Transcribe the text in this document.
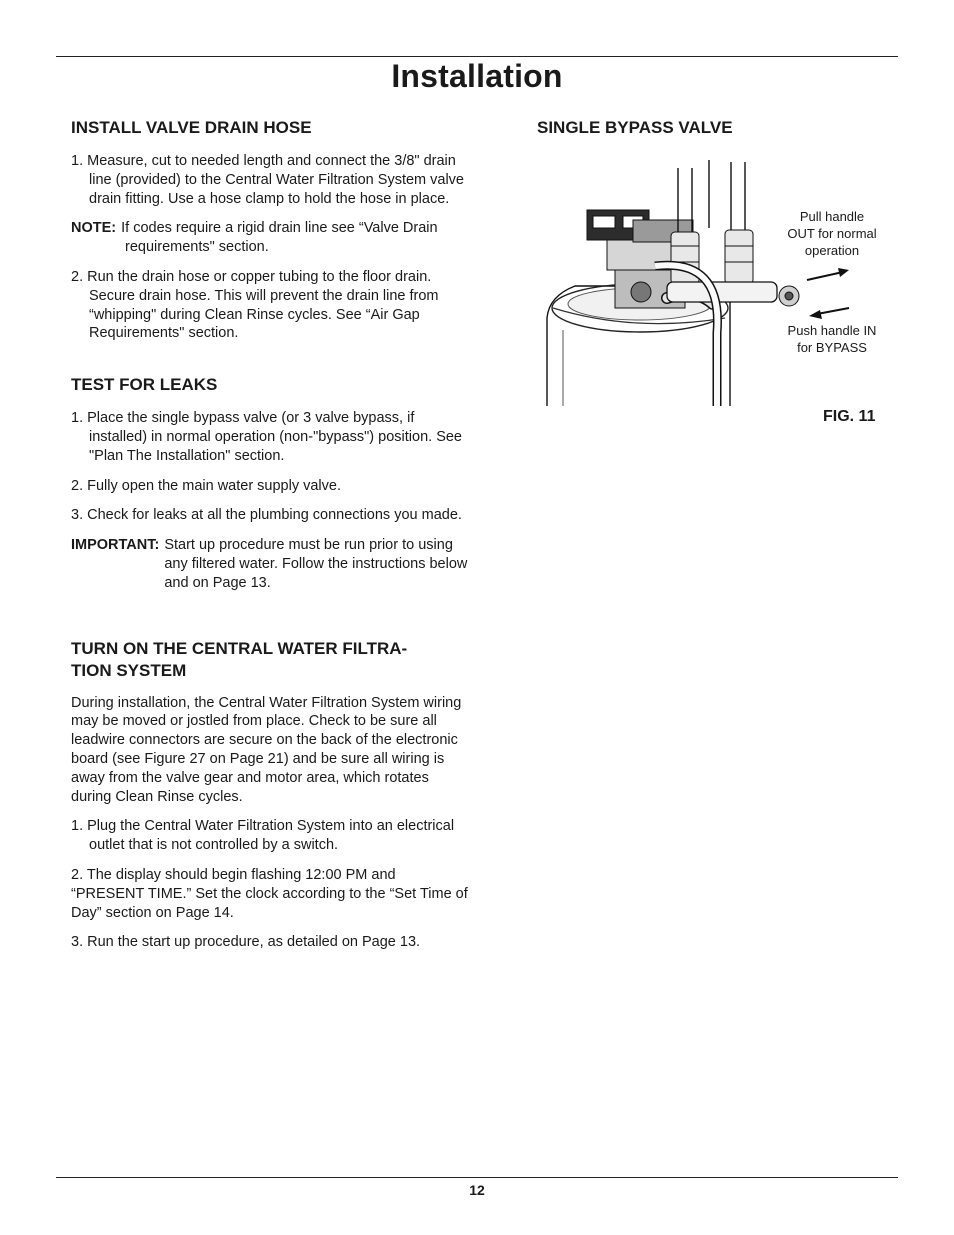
Installation
INSTALL VALVE DRAIN HOSE

1. Measure, cut to needed length and connect the 3/8" drain line (provided) to the Central Water Filtration System valve drain fitting. Use a hose clamp to hold the hose in place.

NOTE: If codes require a rigid drain line see “Valve Drain requirements" section.

2. Run the drain hose or copper tubing to the floor drain. Secure drain hose. This will prevent the drain line from “whipping" during Clean Rinse cycles. See “Air Gap Requirements" section.

TEST FOR LEAKS

1. Place the single bypass valve (or 3 valve bypass, if installed) in normal operation (non-"bypass") position. See "Plan The Installation" section.

2. Fully open the main water supply valve.

3. Check for leaks at all the plumbing connections you made.

IMPORTANT: Start up procedure must be run prior to using any filtered water. Follow the instructions below and on Page 13.
TURN ON THE CENTRAL WATER FILTRA-
TION SYSTEM

During installation, the Central Water Filtration System wiring may be moved or jostled from place. Check to be sure all leadwire connectors are secure on the back of the electronic board (see Figure 27 on Page 21) and be sure all wiring is away from the valve gear and motor area, which rotates during Clean Rinse cycles.

1. Plug the Central Water Filtration System into an electrical outlet that is not controlled by a switch.

2. The display should begin flashing 12:00 PM and “PRESENT TIME.” Set the clock according to the “Set Time of Day” section on Page 14.

3. Run the start up procedure, as detailed on Page 13.

SINGLE BYPASS VALVE
Pull handle
OUT for normal
operation
Push handle IN
for BYPASS
FIG. 11
12
